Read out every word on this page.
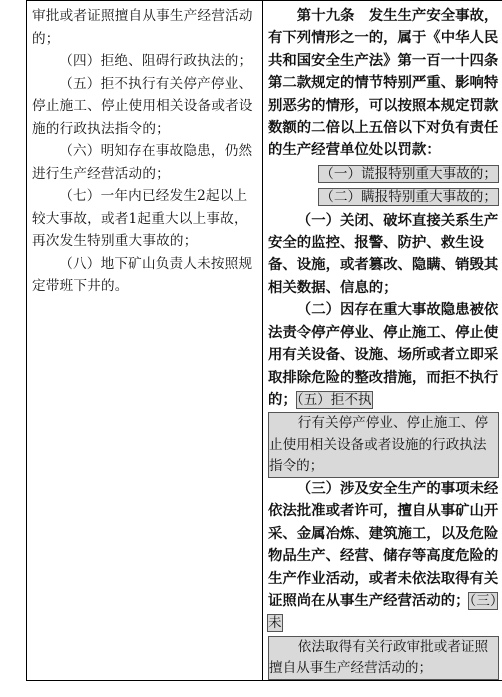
审批或者证照擅自从事生产经营活动的；

（四）拒绝、阻碍行政执法的；

（五）拒不执行有关停产停业、停止施工、停止使用相关设备或者设施的行政执法指令的；

（六）明知存在事故隐患，仍然进行生产经营活动的；

（七）一年内已经发生2起以上较大事故，或者1起重大以上事故，再次发生特别重大事故的；

（八）地下矿山负责人未按照规定带班下井的。

第十九条　发生生产安全事故，有下列情形之一的，属于《中华人民共和国安全生产法》第一百一十四条第二款规定的情节特别严重、影响特别恶劣的情形，可以按照本规定罚款数额的二倍以上五倍以下对负有责任的生产经营单位处以罚款：

（一）谎报特别重大事故的；
（二）瞒报特别重大事故的；

（一）关闭、破坏直接关系生产安全的监控、报警、防护、救生设备、设施，或者篡改、隐瞒、销毁其相关数据、信息的；

（二）因存在重大事故隐患被依法责令停产停业、停止施工、停止使用有关设备、设施、场所或者立即采取排除危险的整改措施，而拒不执行的；（五）拒不执
行有关停产停业、停止施工、停止使用相关设备或者设施的行政执法指令的；

（三）涉及安全生产的事项未经依法批准或者许可，擅自从事矿山开采、金属冶炼、建筑施工，以及危险物品生产、经营、储存等高度危险的生产作业活动，或者未依法取得有关证照尚在从事生产经营活动的；（三）未
依法取得有关行政审批或者证照擅自从事生产经营活动的；
